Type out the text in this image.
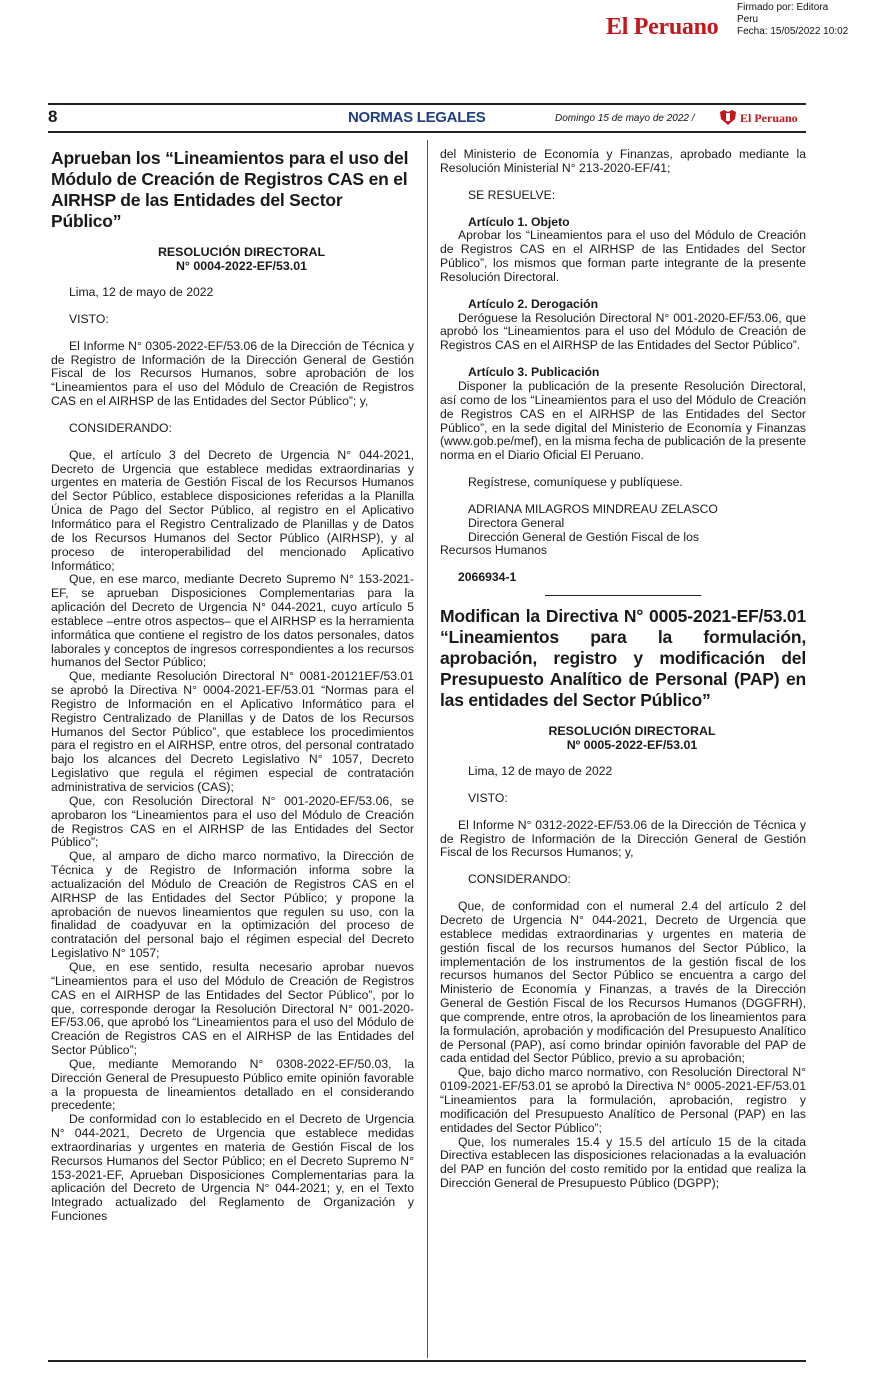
El Peruano
Firmado por: Editora
Peru
Fecha: 15/05/2022 10:02
8	NORMAS LEGALES	Domingo 15 de mayo de 2022 /	El Peruano

Aprueban los “Lineamientos para el uso del Módulo de Creación de Registros CAS en el AIRHSP de las Entidades del Sector Público”

RESOLUCIÓN DIRECTORAL

N° 0004-2022-EF/53.01

Lima, 12 de mayo de 2022

VISTO:

El Informe N° 0305-2022-EF/53.06 de la Dirección de Técnica y de Registro de Información de la Dirección General de Gestión Fiscal de los Recursos Humanos, sobre aprobación de los “Lineamientos para el uso del Módulo de Creación de Registros CAS en el AIRHSP de las Entidades del Sector Público”; y,

CONSIDERANDO:

Que, el artículo 3 del Decreto de Urgencia N° 044-2021, Decreto de Urgencia que establece medidas extraordinarias y urgentes en materia de Gestión Fiscal de los Recursos Humanos del Sector Público, establece disposiciones referidas a la Planilla Única de Pago del Sector Público, al registro en el Aplicativo Informático para el Registro Centralizado de Planillas y de Datos de los Recursos Humanos del Sector Público (AIRHSP), y al proceso de interoperabilidad del mencionado Aplicativo Informático;

Que, en ese marco, mediante Decreto Supremo N° 153-2021-EF, se aprueban Disposiciones Complementarias para la aplicación del Decreto de Urgencia N° 044-2021, cuyo artículo 5 establece –entre otros aspectos– que el AIRHSP es la herramienta informática que contiene el registro de los datos personales, datos laborales y conceptos de ingresos correspondientes a los recursos humanos del Sector Público;

Que, mediante Resolución Directoral N° 0081-20121EF/53.01 se aprobó la Directiva N° 0004-2021-EF/53.01 “Normas para el Registro de Información en el Aplicativo Informático para el Registro Centralizado de Planillas y de Datos de los Recursos Humanos del Sector Público”, que establece los procedimientos para el registro en el AIRHSP, entre otros, del personal contratado bajo los alcances del Decreto Legislativo N° 1057, Decreto Legislativo que regula el régimen especial de contratación administrativa de servicios (CAS);

Que, con Resolución Directoral N° 001-2020-EF/53.06, se aprobaron los “Lineamientos para el uso del Módulo de Creación de Registros CAS en el AIRHSP de las Entidades del Sector Público”;

Que, al amparo de dicho marco normativo, la Dirección de Técnica y de Registro de Información informa sobre la actualización del Módulo de Creación de Registros CAS en el AIRHSP de las Entidades del Sector Público; y propone la aprobación de nuevos lineamientos que regulen su uso, con la finalidad de coadyuvar en la optimización del proceso de contratación del personal bajo el régimen especial del Decreto Legislativo N° 1057;

Que, en ese sentido, resulta necesario aprobar nuevos “Lineamientos para el uso del Módulo de Creación de Registros CAS en el AIRHSP de las Entidades del Sector Público”, por lo que, corresponde derogar la Resolución Directoral N° 001-2020-EF/53.06, que aprobó los “Lineamientos para el uso del Módulo de Creación de Registros CAS en el AIRHSP de las Entidades del Sector Público”;

Que, mediante Memorando N° 0308-2022-EF/50.03, la Dirección General de Presupuesto Público emite opinión favorable a la propuesta de lineamientos detallado en el considerando precedente;

De conformidad con lo establecido en el Decreto de Urgencia N° 044-2021, Decreto de Urgencia que establece medidas extraordinarias y urgentes en materia de Gestión Fiscal de los Recursos Humanos del Sector Público; en el Decreto Supremo N° 153-2021-EF, Aprueban Disposiciones Complementarias para la aplicación del Decreto de Urgencia N° 044-2021; y, en el Texto Integrado actualizado del Reglamento de Organización y Funciones

del Ministerio de Economía y Finanzas, aprobado mediante la Resolución Ministerial N° 213-2020-EF/41;

SE RESUELVE:

Artículo 1. Objeto

Aprobar los “Lineamientos para el uso del Módulo de Creación de Registros CAS en el AIRHSP de las Entidades del Sector Público”, los mismos que forman parte integrante de la presente Resolución Directoral.

Artículo 2. Derogación

Deróguese la Resolución Directoral N° 001-2020-EF/53.06, que aprobó los “Lineamientos para el uso del Módulo de Creación de Registros CAS en el AIRHSP de las Entidades del Sector Público”.

Artículo 3. Publicación

Disponer la publicación de la presente Resolución Directoral, así como de los “Lineamientos para el uso del Módulo de Creación de Registros CAS en el AIRHSP de las Entidades del Sector Público”, en la sede digital del Ministerio de Economía y Finanzas (www.gob.pe/mef), en la misma fecha de publicación de la presente norma en el Diario Oficial El Peruano.

Regístrese, comuníquese y publíquese.

ADRIANA MILAGROS MINDREAU ZELASCO

Directora General

Dirección General de Gestión Fiscal de los Recursos Humanos

2066934-1

Modifican la Directiva N° 0005-2021-EF/53.01 “Lineamientos para la formulación, aprobación, registro y modificación del Presupuesto Analítico de Personal (PAP) en las entidades del Sector Público”

RESOLUCIÓN DIRECTORAL

Nº 0005-2022-EF/53.01

Lima, 12 de mayo de 2022

VISTO:

El Informe N° 0312-2022-EF/53.06 de la Dirección de Técnica y de Registro de Información de la Dirección General de Gestión Fiscal de los Recursos Humanos; y,

CONSIDERANDO:

Que, de conformidad con el numeral 2.4 del artículo 2 del Decreto de Urgencia N° 044-2021, Decreto de Urgencia que establece medidas extraordinarias y urgentes en materia de gestión fiscal de los recursos humanos del Sector Público, la implementación de los instrumentos de la gestión fiscal de los recursos humanos del Sector Público se encuentra a cargo del Ministerio de Economía y Finanzas, a través de la Dirección General de Gestión Fiscal de los Recursos Humanos (DGGFRH), que comprende, entre otros, la aprobación de los lineamientos para la formulación, aprobación y modificación del Presupuesto Analítico de Personal (PAP), así como brindar opinión favorable del PAP de cada entidad del Sector Público, previo a su aprobación;

Que, bajo dicho marco normativo, con Resolución Directoral N° 0109-2021-EF/53.01 se aprobó la Directiva N° 0005-2021-EF/53.01 “Lineamientos para la formulación, aprobación, registro y modificación del Presupuesto Analítico de Personal (PAP) en las entidades del Sector Público”;

Que, los numerales 15.4 y 15.5 del artículo 15 de la citada Directiva establecen las disposiciones relacionadas a la evaluación del PAP en función del costo remitido por la entidad que realiza la Dirección General de Presupuesto Público (DGPP);
